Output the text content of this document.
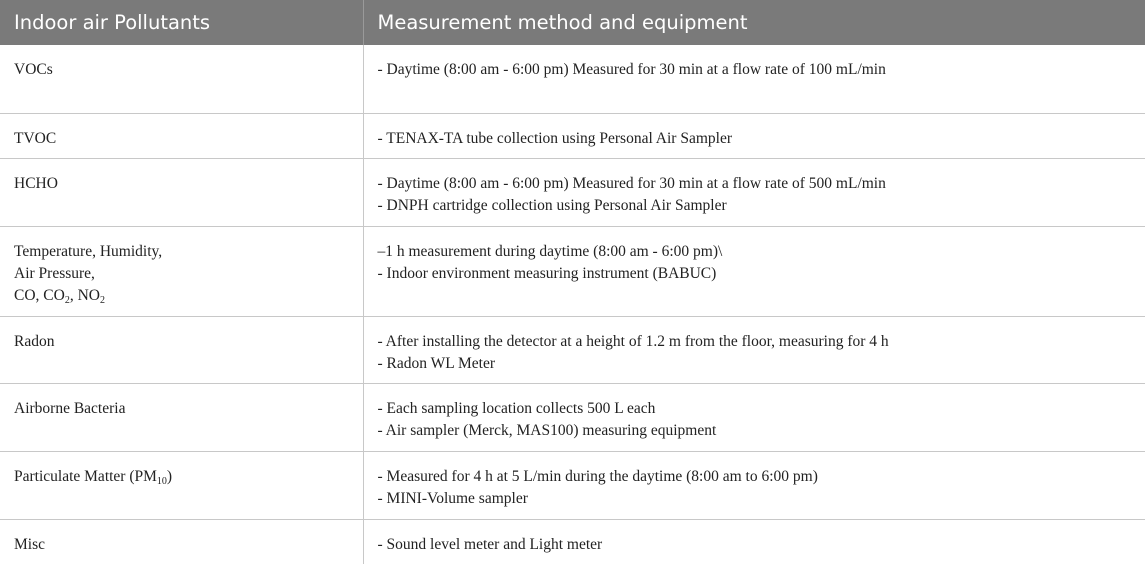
Indoor air Pollutants	Measurement method and equipment

VOCs	- Daytime (8:00 am - 6:00 pm) Measured for 30 min at a flow rate of 100 mL/min

TVOC	- TENAX-TA tube collection using Personal Air Sampler

HCHO	- Daytime (8:00 am - 6:00 pm) Measured for 30 min at a flow rate of 500 mL/min
- DNPH cartridge collection using Personal Air Sampler

Temperature, Humidity,
Air Pressure,
CO, $CO_2$, $NO_2$	–1 h measurement during daytime (8:00 am - 6:00 pm)\
- Indoor environment measuring instrument (BABUC)

Radon	- After installing the detector at a height of 1.2 m from the floor, measuring for 4 h
- Radon WL Meter

Airborne Bacteria	- Each sampling location collects 500 L each
- Air sampler (Merck, MAS100) measuring equipment

Particulate Matter $(PM_{10})$	- Measured for 4 h at 5 L/min during the daytime (8:00 am to 6:00 pm)
- MINI-Volume sampler

Misc	- Sound level meter and Light meter
